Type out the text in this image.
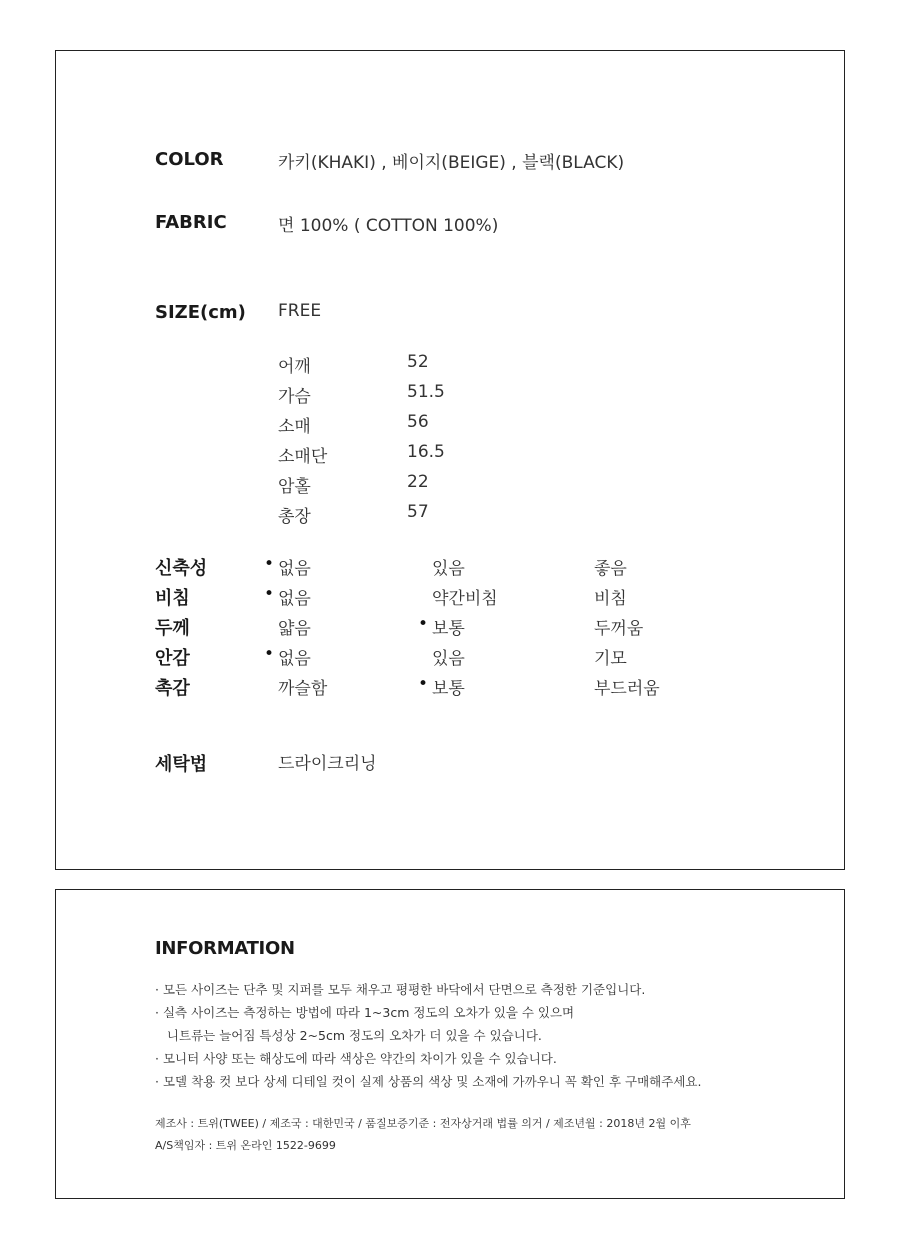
COLOR	카키(KHAKI) , 베이지(BEIGE) , 블랙(BLACK)
FABRIC	면 100% ( COTTON 100%)
SIZE(cm) FREE
어깨	52
가슴	51.5
소매	56
소매단	16.5
암홀	22
총장	57
신축성	• 없음	있음	좋음
비침	• 없음	약간비침	비침
두께	얇음	• 보통	두꺼움
안감	• 없음	있음	기모
촉감	까슬함	• 보통	부드러움
세탁법	드라이크리닝
INFORMATION
· 모든 사이즈는 단추 및 지퍼를 모두 채우고 평평한 바닥에서 단면으로 측정한 기준입니다.
· 실측 사이즈는 측정하는 방법에 따라 1~3cm 정도의 오차가 있을 수 있으며
니트류는 늘어짐 특성상 2~5cm 정도의 오차가 더 있을 수 있습니다.
· 모니터 사양 또는 해상도에 따라 색상은 약간의 차이가 있을 수 있습니다.
· 모델 착용 컷 보다 상세 디테일 컷이 실제 상품의 색상 및 소재에 가까우니 꼭 확인 후 구매해주세요.
제조사 : 트위(TWEE) / 제조국 : 대한민국 / 품질보증기준 : 전자상거래 법률 의거 / 제조년월 : 2018년 2월 이후
A/S책임자 : 트위 온라인 1522-9699
